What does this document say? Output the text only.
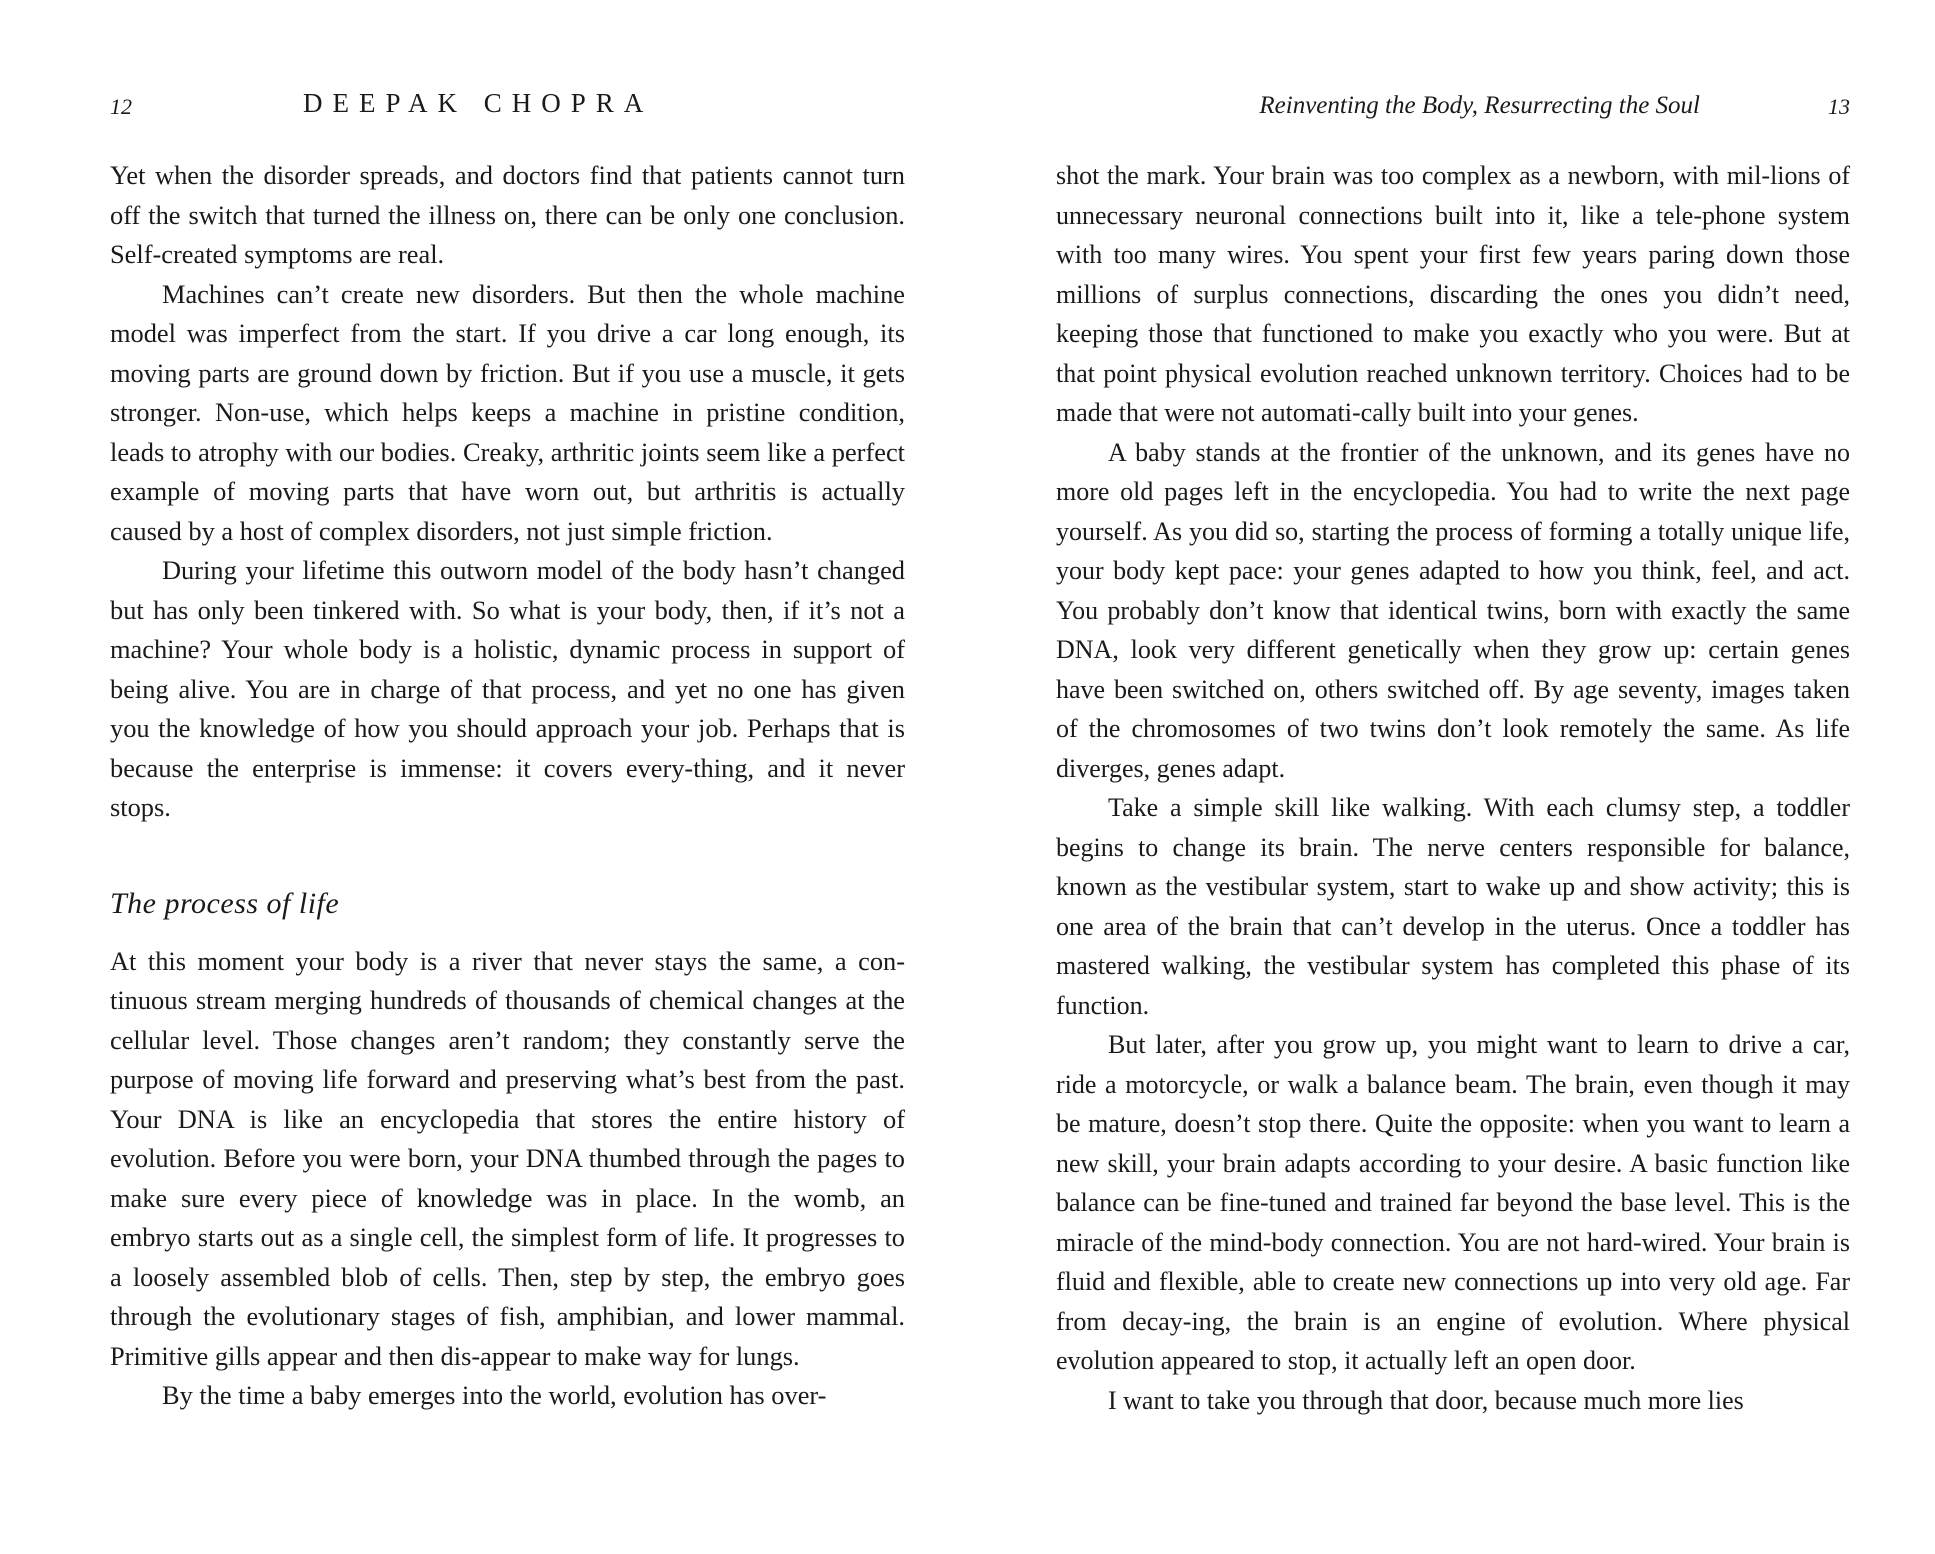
12	DEEPAK CHOPRA

Yet when the disorder spreads, and doctors find that patients cannot turn off the switch that turned the illness on, there can be only one conclusion. Self-created symptoms are real.

Machines can’t create new disorders. But then the whole machine model was imperfect from the start. If you drive a car long enough, its moving parts are ground down by friction. But if you use a muscle, it gets stronger. Non-use, which helps keeps a machine in pristine condition, leads to atrophy with our bodies. Creaky, arthritic joints seem like a perfect example of moving parts that have worn out, but arthritis is actually caused by a host of complex disorders, not just simple friction.

During your lifetime this outworn model of the body hasn’t changed but has only been tinkered with. So what is your body, then, if it’s not a machine? Your whole body is a holistic, dynamic process in support of being alive. You are in charge of that process, and yet no one has given you the knowledge of how you should approach your job. Perhaps that is because the enterprise is immense: it covers every-thing, and it never stops.

The process of life

At this moment your body is a river that never stays the same, a con-tinuous stream merging hundreds of thousands of chemical changes at the cellular level. Those changes aren’t random; they constantly serve the purpose of moving life forward and preserving what’s best from the past. Your DNA is like an encyclopedia that stores the entire history of evolution. Before you were born, your DNA thumbed through the pages to make sure every piece of knowledge was in place. In the womb, an embryo starts out as a single cell, the simplest form of life. It progresses to a loosely assembled blob of cells. Then, step by step, the embryo goes through the evolutionary stages of fish, amphibian, and lower mammal. Primitive gills appear and then dis-appear to make way for lungs.

By the time a baby emerges into the world, evolution has over-

Reinventing the Body, Resurrecting the Soul	13

shot the mark. Your brain was too complex as a newborn, with mil-lions of unnecessary neuronal connections built into it, like a tele-phone system with too many wires. You spent your first few years paring down those millions of surplus connections, discarding the ones you didn’t need, keeping those that functioned to make you exactly who you were. But at that point physical evolution reached unknown territory. Choices had to be made that were not automati-cally built into your genes.

A baby stands at the frontier of the unknown, and its genes have no more old pages left in the encyclopedia. You had to write the next page yourself. As you did so, starting the process of forming a totally unique life, your body kept pace: your genes adapted to how you think, feel, and act. You probably don’t know that identical twins, born with exactly the same DNA, look very different genetically when they grow up: certain genes have been switched on, others switched off. By age seventy, images taken of the chromosomes of two twins don’t look remotely the same. As life diverges, genes adapt.

Take a simple skill like walking. With each clumsy step, a toddler begins to change its brain. The nerve centers responsible for balance, known as the vestibular system, start to wake up and show activity; this is one area of the brain that can’t develop in the uterus. Once a toddler has mastered walking, the vestibular system has completed this phase of its function.

But later, after you grow up, you might want to learn to drive a car, ride a motorcycle, or walk a balance beam. The brain, even though it may be mature, doesn’t stop there. Quite the opposite: when you want to learn a new skill, your brain adapts according to your desire. A basic function like balance can be fine-tuned and trained far beyond the base level. This is the miracle of the mind-body connection. You are not hard-wired. Your brain is fluid and flexible, able to create new connections up into very old age. Far from decay-ing, the brain is an engine of evolution. Where physical evolution appeared to stop, it actually left an open door.

I want to take you through that door, because much more lies
